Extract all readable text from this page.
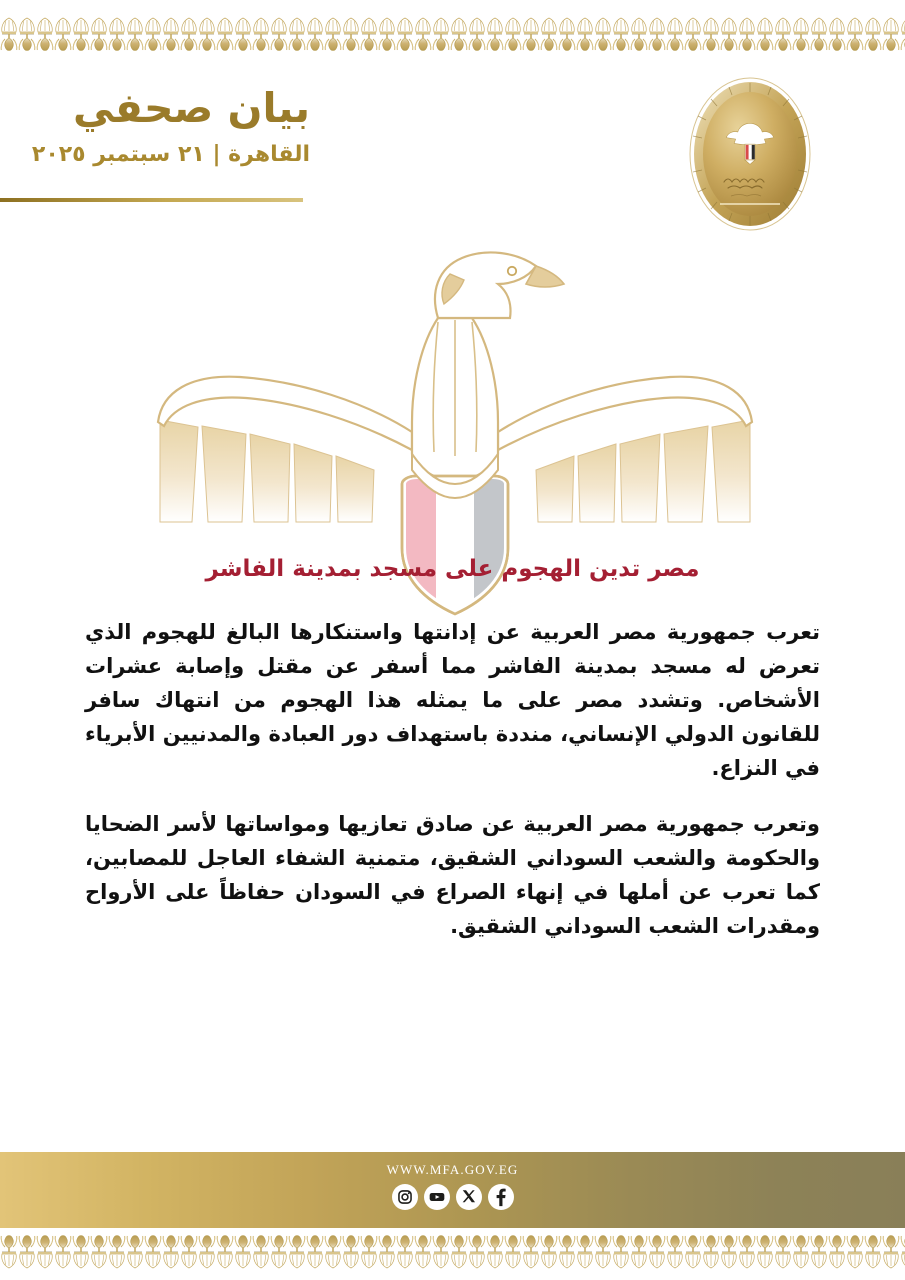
بيان صحفي
القاهرة | ٢١ سبتمبر ٢٠٢٥
مصر تدين الهجوم على مسجد بمدينة الفاشر

تعرب جمهورية مصر العربية عن إدانتها واستنكارها البالغ للهجوم الذي تعرض له مسجد بمدينة الفاشر مما أسفر عن مقتل وإصابة عشرات الأشخاص. وتشدد مصر على ما يمثله هذا الهجوم من انتهاك سافر للقانون الدولي الإنساني، منددة باستهداف دور العبادة والمدنيين الأبرياء في النزاع.

وتعرب جمهورية مصر العربية عن صادق تعازيها ومواساتها لأسر الضحايا والحكومة والشعب السوداني الشقيق، متمنية الشفاء العاجل للمصابين، كما تعرب عن أملها في إنهاء الصراع في السودان حفاظاً على الأرواح ومقدرات الشعب السوداني الشقيق.

WWW.MFA.GOV.EG
